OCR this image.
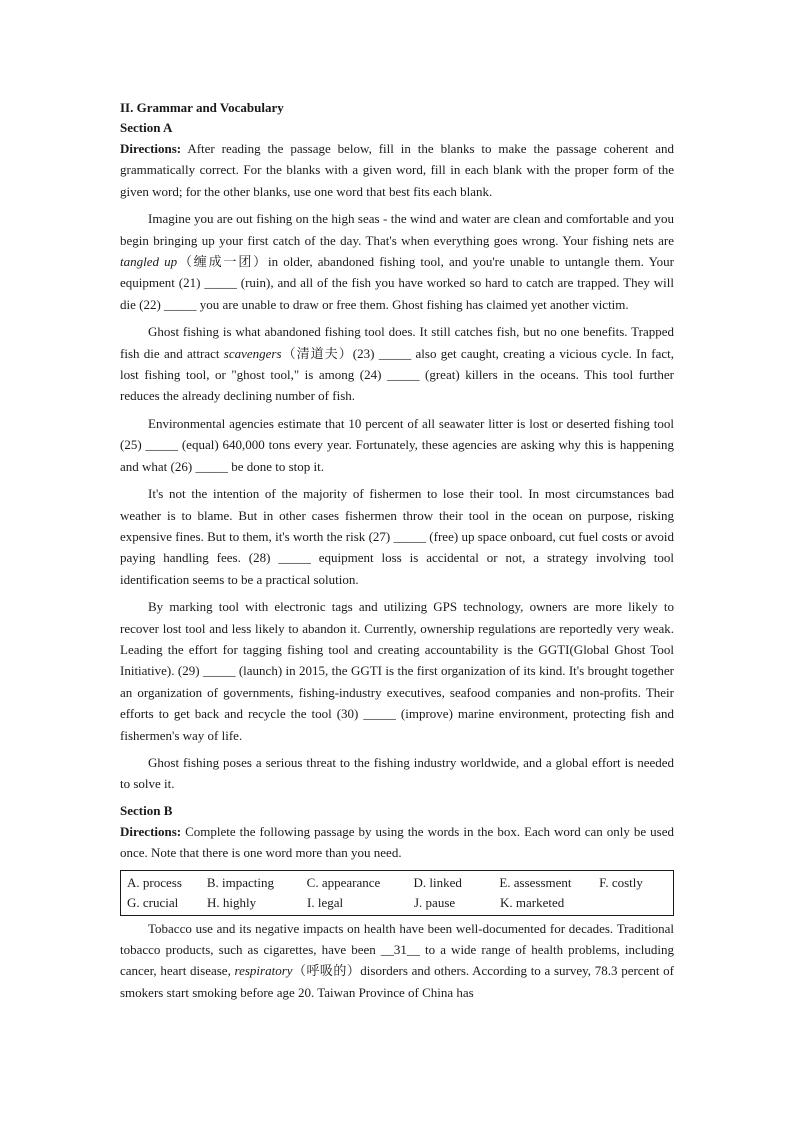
II. Grammar and Vocabulary
Section A

Directions: After reading the passage below, fill in the blanks to make the passage coherent and grammatically correct. For the blanks with a given word, fill in each blank with the proper form of the given word; for the other blanks, use one word that best fits each blank.

Imagine you are out fishing on the high seas - the wind and water are clean and comfortable and you begin bringing up your first catch of the day. That's when everything goes wrong. Your fishing nets are tangled up（缠成一团）in older, abandoned fishing tool, and you're unable to untangle them. Your equipment (21) _____ (ruin), and all of the fish you have worked so hard to catch are trapped. They will die (22) _____ you are unable to draw or free them. Ghost fishing has claimed yet another victim.

Ghost fishing is what abandoned fishing tool does. It still catches fish, but no one benefits. Trapped fish die and attract scavengers（清道夫）(23) _____ also get caught, creating a vicious cycle. In fact, lost fishing tool, or "ghost tool," is among (24) _____ (great) killers in the oceans. This tool further reduces the already declining number of fish.

Environmental agencies estimate that 10 percent of all seawater litter is lost or deserted fishing tool (25) _____ (equal) 640,000 tons every year. Fortunately, these agencies are asking why this is happening and what (26) _____ be done to stop it.

It's not the intention of the majority of fishermen to lose their tool. In most circumstances bad weather is to blame. But in other cases fishermen throw their tool in the ocean on purpose, risking expensive fines. But to them, it's worth the risk (27) _____ (free) up space onboard, cut fuel costs or avoid paying handling fees. (28) _____ equipment loss is accidental or not, a strategy involving tool identification seems to be a practical solution.

By marking tool with electronic tags and utilizing GPS technology, owners are more likely to recover lost tool and less likely to abandon it. Currently, ownership regulations are reportedly very weak. Leading the effort for tagging fishing tool and creating accountability is the GGTI(Global Ghost Tool Initiative). (29) _____ (launch) in 2015, the GGTI is the first organization of its kind. It's brought together an organization of governments, fishing-industry executives, seafood companies and non-profits. Their efforts to get back and recycle the tool (30) _____ (improve) marine environment, protecting fish and fishermen's way of life.

Ghost fishing poses a serious threat to the fishing industry worldwide, and a global effort is needed to solve it.

Section B

Directions: Complete the following passage by using the words in the box. Each word can only be used once. Note that there is one word more than you need.

A. process	B. impacting	C. appearance	D. linked	E. assessment	F. costly
G. crucial	H. highly	I. legal	J. pause	K. marketed

Tobacco use and its negative impacts on health have been well-documented for decades. Traditional tobacco products, such as cigarettes, have been __31__ to a wide range of health problems, including cancer, heart disease, respiratory（呼吸的）disorders and others. According to a survey, 78.3 percent of smokers start smoking before age 20. Taiwan Province of China has
